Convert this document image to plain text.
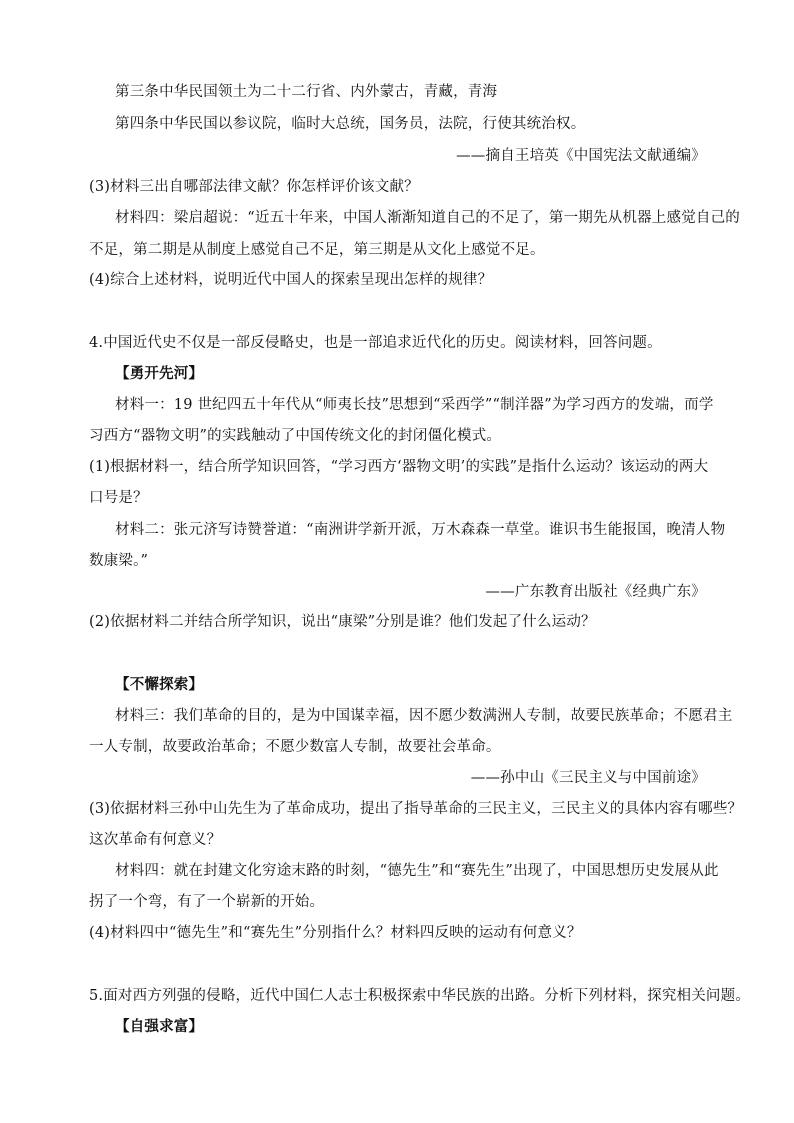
第三条中华民国领土为二十二行省、内外蒙古，青藏，青海
第四条中华民国以参议院，临时大总统，国务员，法院，行使其统治权。
——摘自王培英《中国宪法文献通编》
(3)材料三出自哪部法律文献？你怎样评价该文献？
材料四：梁启超说：“近五十年来，中国人渐渐知道自己的不足了，第一期先从机器上感觉自己的
不足，第二期是从制度上感觉自己不足，第三期是从文化上感觉不足。
(4)综合上述材料，说明近代中国人的探索呈现出怎样的规律？
4.中国近代史不仅是一部反侵略史，也是一部追求近代化的历史。阅读材料，回答问题。
【勇开先河】
材料一：19 世纪四五十年代从“师夷长技”思想到“采西学”“制洋器”为学习西方的发端，而学
习西方“器物文明”的实践触动了中国传统文化的封闭僵化模式。
(1)根据材料一，结合所学知识回答，“学习西方‘器物文明’的实践”是指什么运动？该运动的两大
口号是？
材料二：张元济写诗赞誉道：“南洲讲学新开派，万木森森一草堂。谁识书生能报国，晚清人物
数康梁。”
——广东教育出版社《经典广东》
(2)依据材料二并结合所学知识，说出“康梁”分别是谁？他们发起了什么运动？
【不懈探索】
材料三：我们革命的目的，是为中国谋幸福，因不愿少数满洲人专制，故要民族革命；不愿君主
一人专制，故要政治革命；不愿少数富人专制，故要社会革命。
——孙中山《三民主义与中国前途》
(3)依据材料三孙中山先生为了革命成功，提出了指导革命的三民主义，三民主义的具体内容有哪些？
这次革命有何意义？
材料四：就在封建文化穷途末路的时刻，“德先生”和“赛先生”出现了，中国思想历史发展从此
拐了一个弯，有了一个崭新的开始。
(4)材料四中“德先生”和“赛先生”分别指什么？材料四反映的运动有何意义？
5.面对西方列强的侵略，近代中国仁人志士积极探索中华民族的出路。分析下列材料，探究相关问题。
【自强求富】
